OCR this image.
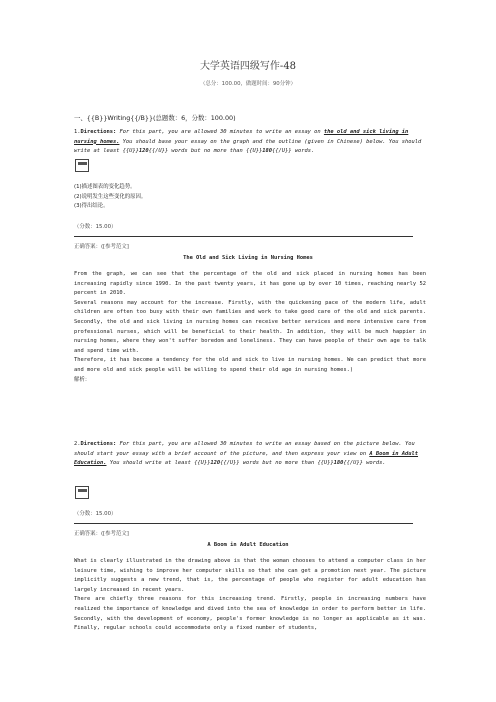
大学英语四级写作-48
（总分：100.00，做题时间：90分钟）
一、{{B}}Writing{{/B}}(总题数：6，分数：100.00)
1.Directions: For this part, you are allowed 30 minutes to write an essay on the old and sick living in nursing homes. You should base your essay on the graph and the outline (given in Chinese) below. You should write at least {{U}}120{{/U}} words but no more than {{U}}180{{/U}} words.
(1)描述图表的变化趋势。
(2)说明发生这些变化的原因。
(3)得出结论。
（分数：15.00）
正确答案：([参考范文]
The Old and Sick Living in Nursing Homes
From the graph, we can see that the percentage of the old and sick placed in nursing homes has been increasing rapidly since 1990. In the past twenty years, it has gone up by over 10 times, reaching nearly 52 percent in 2010.
Several reasons may account for the increase. Firstly, with the quickening pace of the modern life, adult children are often too busy with their own families and work to take good care of the old and sick parents. Secondly, the old and sick living in nursing homes can receive better services and more intensive care from professional nurses, which will be beneficial to their health. In addition, they will be much happier in nursing homes, where they won't suffer boredom and loneliness. They can have people of their own age to talk and spend time with.
Therefore, it has become a tendency for the old and sick to live in nursing homes. We can predict that more and more old and sick people will be willing to spend their old age in nursing homes.)
解析：
2.Directions: For this part, you are allowed 30 minutes to write an essay based on the picture below. You should start your essay with a brief account of the picture, and then express your view on A Boom in Adult Education. You should write at least {{U}}120{{/U}} words but no more than {{U}}180{{/U}} words.
（分数：15.00）
正确答案：([参考范文]
A Boom in Adult Education
What is clearly illustrated in the drawing above is that the woman chooses to attend a computer class in her leisure time, wishing to improve her computer skills so that she can get a promotion next year. The picture implicitly suggests a new trend, that is, the percentage of people who register for adult education has largely increased in recent years.
There are chiefly three reasons for this increasing trend. Firstly, people in increasing numbers have realized the importance of knowledge and dived into the sea of knowledge in order to perform better in life. Secondly, with the development of economy, people's former knowledge is no longer as applicable as it was. Finally, regular schools could accommodate only a fixed number of students,
